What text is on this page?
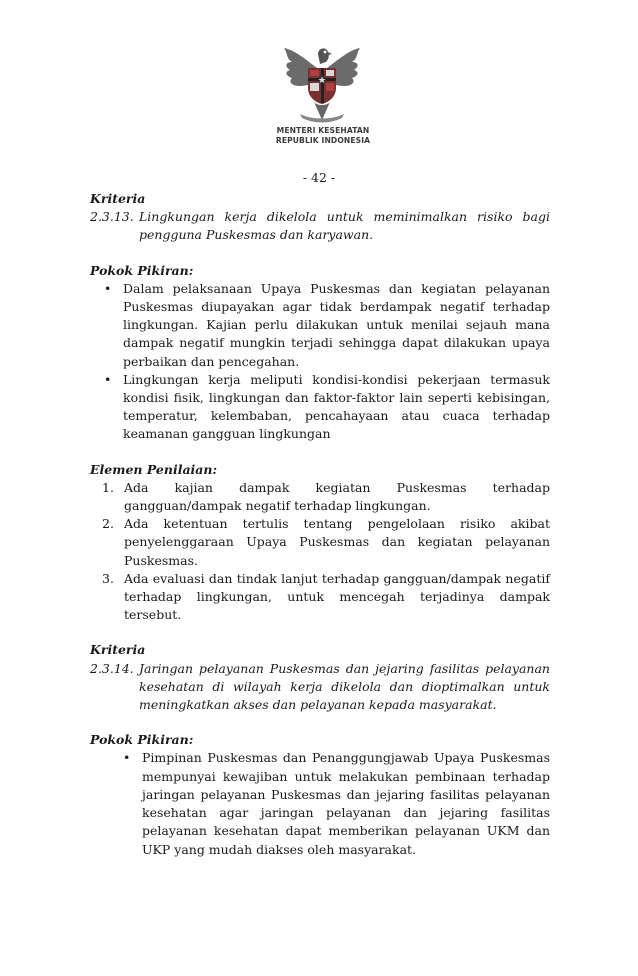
MENTERI KESEHATAN
REPUBLIK INDONESIA
- 42 -

Kriteria

2.3.13. Lingkungan kerja dikelola untuk meminimalkan risiko bagi pengguna Puskesmas dan karyawan.

Pokok Pikiran:

• Dalam pelaksanaan Upaya Puskesmas dan kegiatan pelayanan Puskesmas diupayakan agar tidak berdampak negatif terhadap lingkungan. Kajian perlu dilakukan untuk menilai sejauh mana dampak negatif mungkin terjadi sehingga dapat dilakukan upaya perbaikan dan pencegahan.
• Lingkungan kerja meliputi kondisi-kondisi pekerjaan termasuk kondisi fisik, lingkungan dan faktor-faktor lain seperti kebisingan, temperatur, kelembaban, pencahayaan atau cuaca terhadap keamanan gangguan lingkungan

Elemen Penilaian:

1. Ada kajian dampak kegiatan Puskesmas terhadap gangguan/dampak negatif terhadap lingkungan.
2. Ada ketentuan tertulis tentang pengelolaan risiko akibat penyelenggaraan Upaya Puskesmas dan kegiatan pelayanan Puskesmas.
3. Ada evaluasi dan tindak lanjut terhadap gangguan/dampak negatif terhadap lingkungan, untuk mencegah terjadinya dampak tersebut.

Kriteria

2.3.14. Jaringan pelayanan Puskesmas dan jejaring fasilitas pelayanan kesehatan di wilayah kerja dikelola dan dioptimalkan untuk meningkatkan akses dan pelayanan kepada masyarakat.

Pokok Pikiran:

• Pimpinan Puskesmas dan Penanggungjawab Upaya Puskesmas mempunyai kewajiban untuk melakukan pembinaan terhadap jaringan pelayanan Puskesmas dan jejaring fasilitas pelayanan kesehatan agar jaringan pelayanan dan jejaring fasilitas pelayanan kesehatan dapat memberikan pelayanan UKM dan UKP yang mudah diakses oleh masyarakat.
